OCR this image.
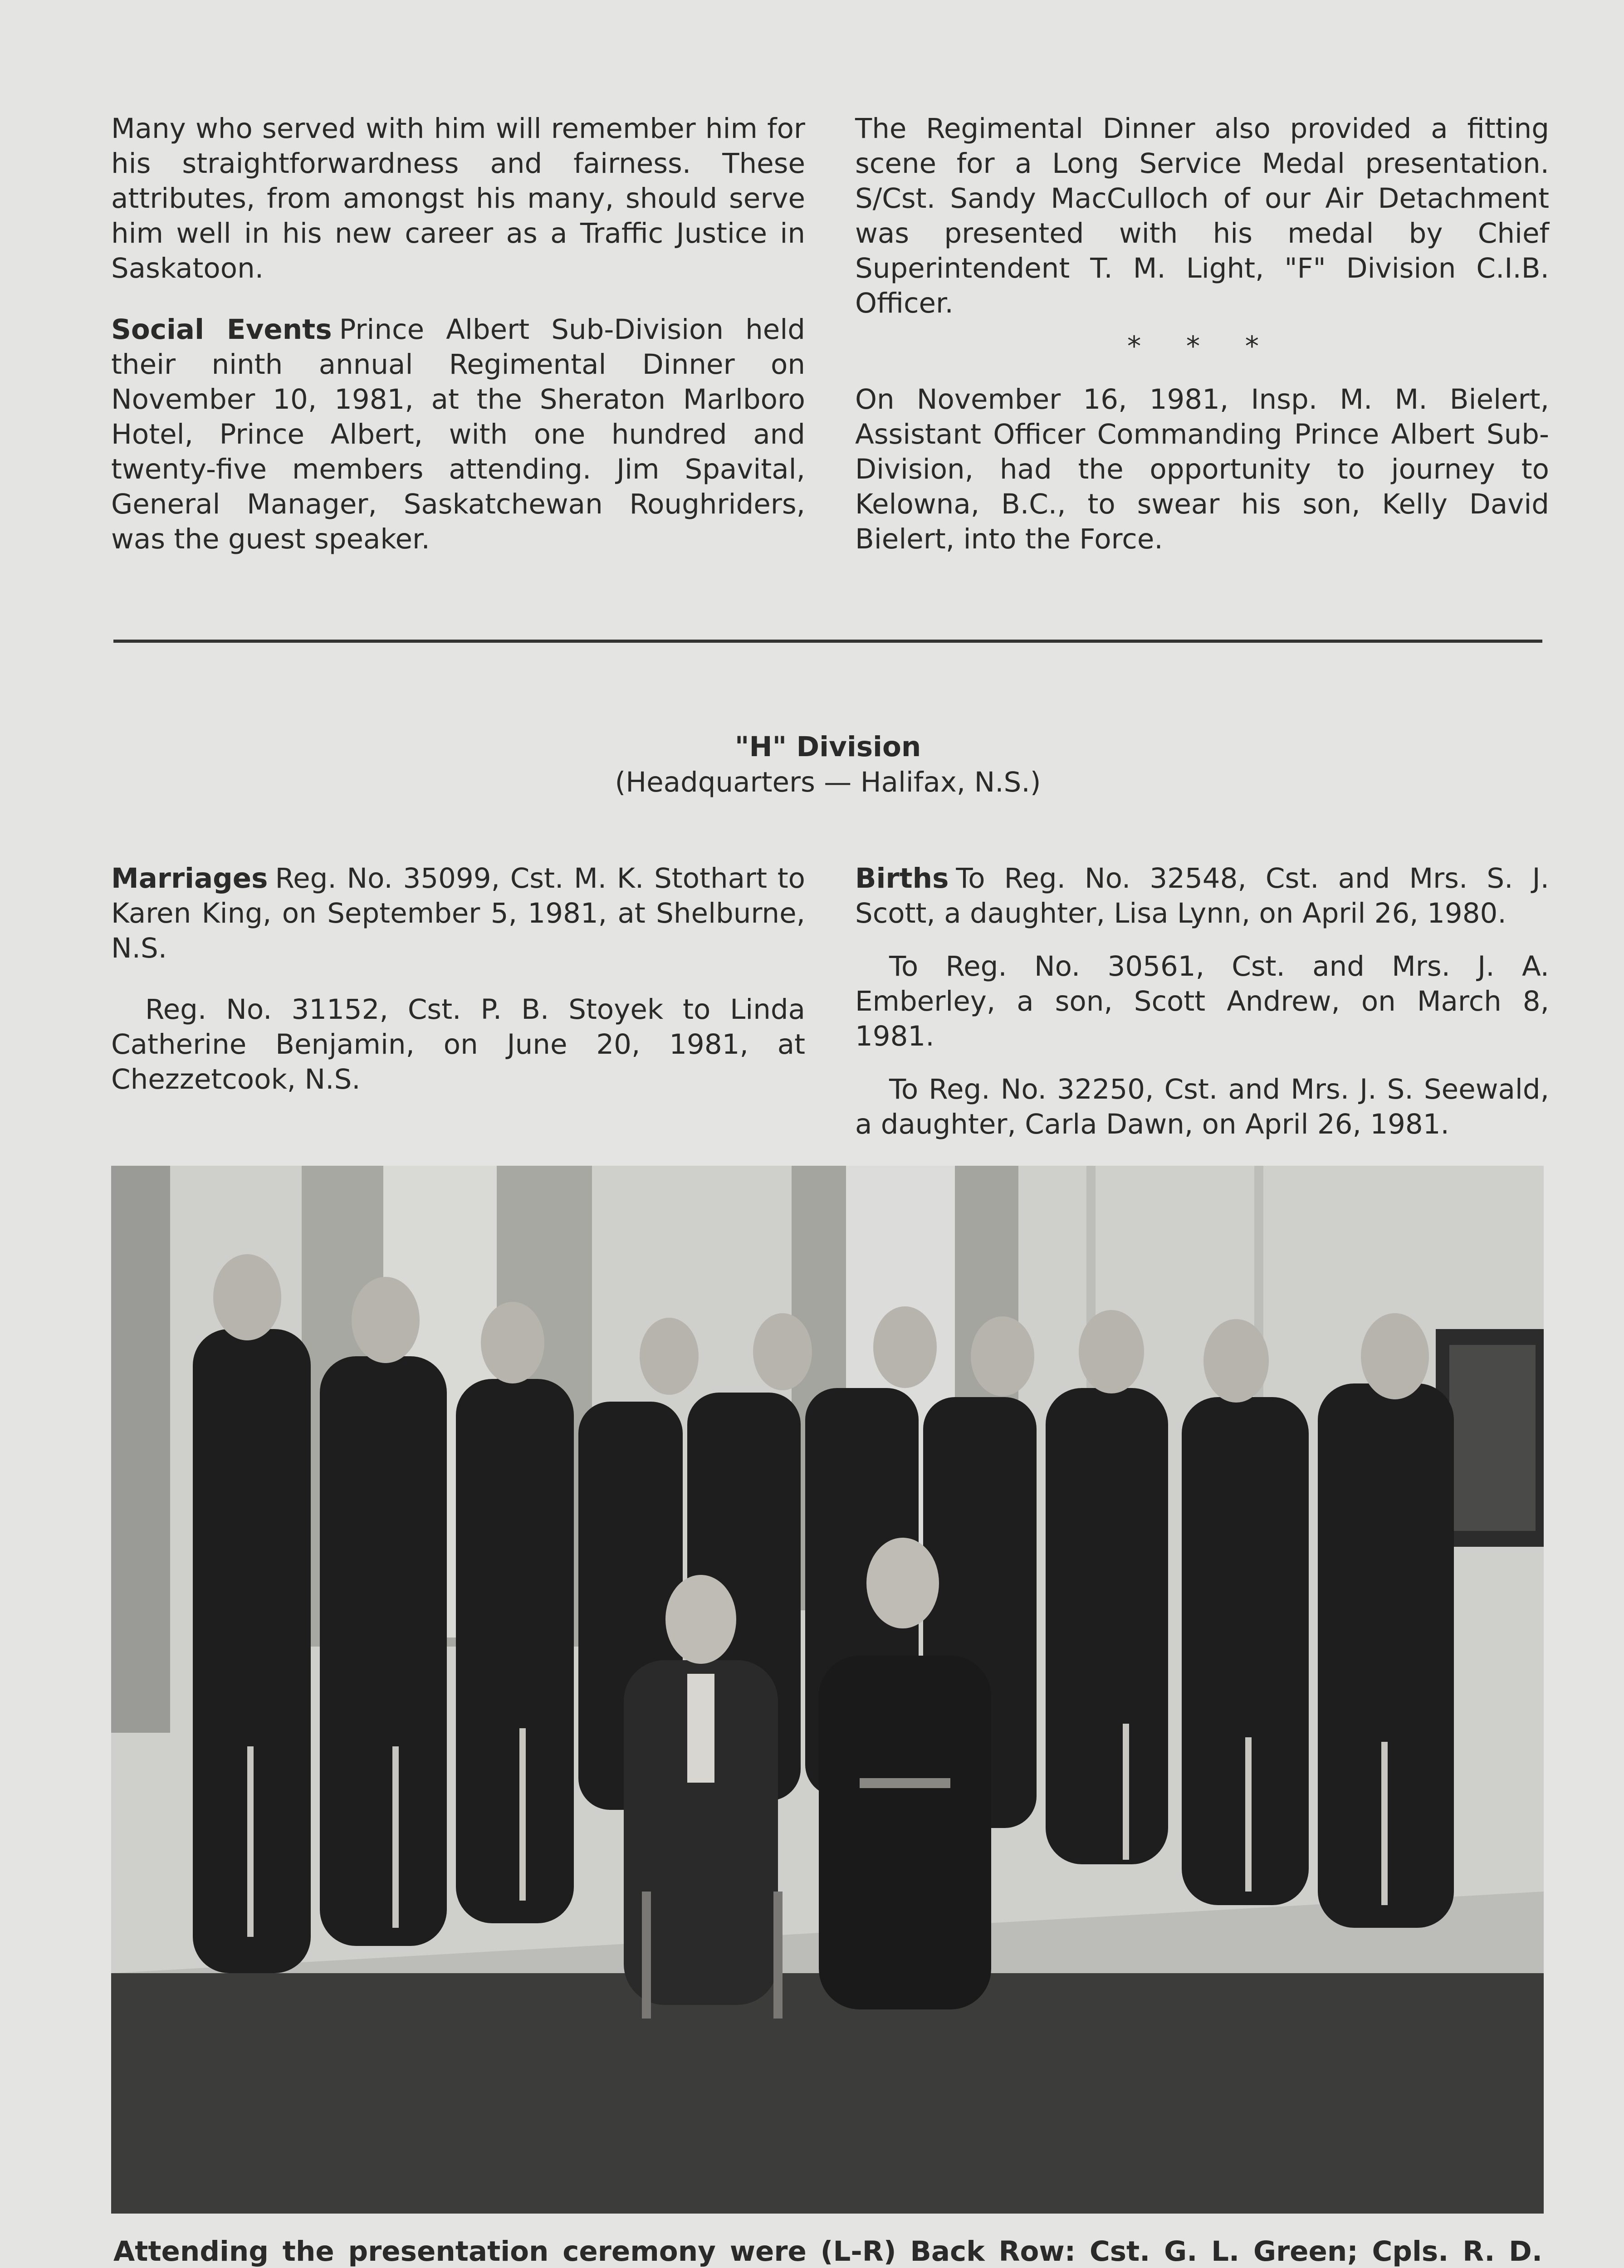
Many who served with him will remember him for his straightforwardness and fairness. These attributes, from amongst his many, should serve him well in his new career as a Traffic Justice in Saskatoon.

Social Events Prince Albert Sub-Division held their ninth annual Regimental Dinner on November 10, 1981, at the Sheraton Marlboro Hotel, Prince Albert, with one hundred and twenty-five members attending. Jim Spavital, General Manager, Saskatchewan Roughriders, was the guest speaker.

The Regimental Dinner also provided a fitting scene for a Long Service Medal presentation. S/Cst. Sandy MacCulloch of our Air Detachment was presented with his medal by Chief Superintendent T. M. Light, "F" Division C.I.B. Officer.

* * *

On November 16, 1981, Insp. M. M. Bielert, Assistant Officer Commanding Prince Albert Sub-Division, had the opportunity to journey to Kelowna, B.C., to swear his son, Kelly David Bielert, into the Force.

"H" Division
(Headquarters — Halifax, N.S.)

Marriages Reg. No. 35099, Cst. M. K. Stothart to Karen King, on September 5, 1981, at Shelburne, N.S.

Reg. No. 31152, Cst. P. B. Stoyek to Linda Catherine Benjamin, on June 20, 1981, at Chezzetcook, N.S.

Births To Reg. No. 32548, Cst. and Mrs. S. J. Scott, a daughter, Lisa Lynn, on April 26, 1980.

To Reg. No. 30561, Cst. and Mrs. J. A. Emberley, a son, Scott Andrew, on March 8, 1981.

To Reg. No. 32250, Cst. and Mrs. J. S. Seewald, a daughter, Carla Dawn, on April 26, 1981.

Attending the presentation ceremony were (L-R) Back Row: Cst. G. L. Green; Cpls. R. D.
